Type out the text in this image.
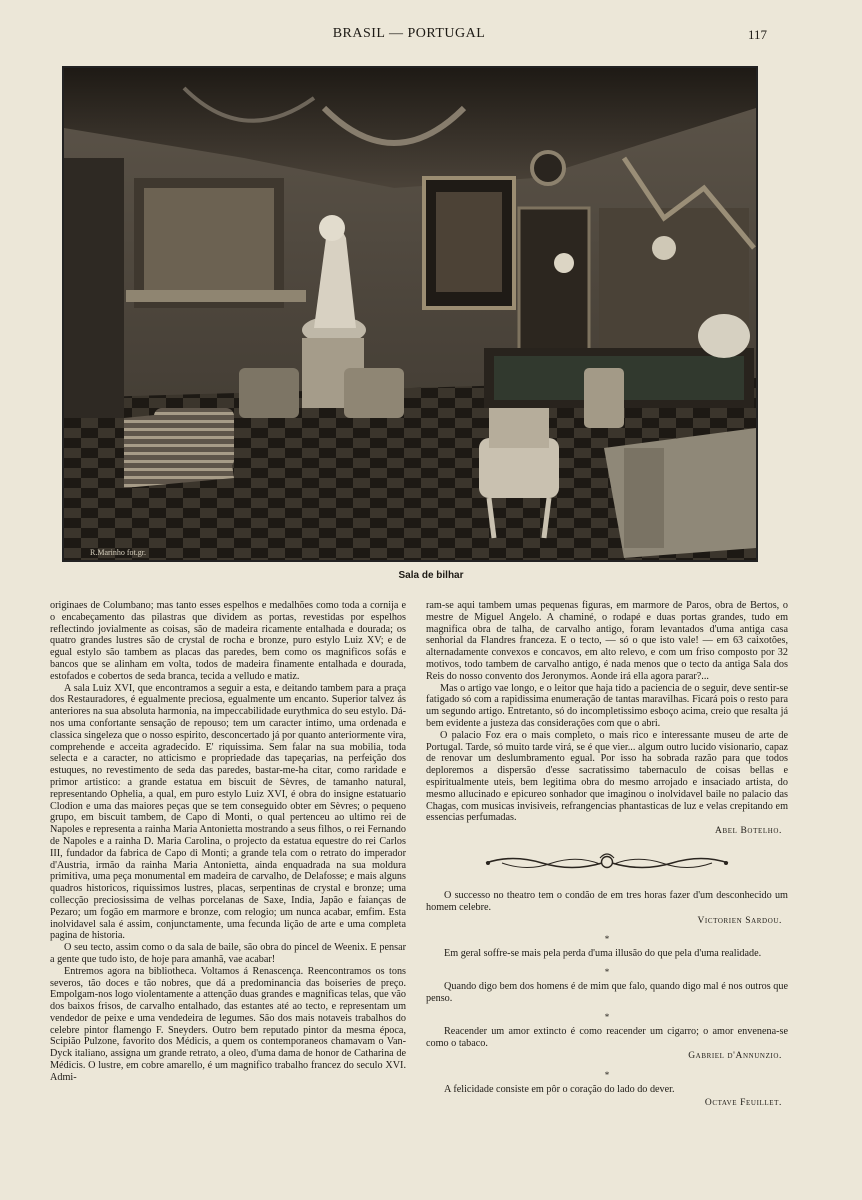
BRASIL — PORTUGAL	117
R.Marinho fot.gr.
Sala de bilhar

originaes de Columbano; mas tanto esses espelhos e medalhões como toda a cornija e o encabeçamento das pilastras que dividem as portas, revestidas por espelhos reflectindo jovialmente as coisas, são de madeira ricamente entalhada e dourada; os quatro grandes lustres são de crystal de rocha e bronze, puro estylo Luiz XV; e de egual estylo são tambem as placas das paredes, bem como os magnificos sofás e bancos que se alinham em volta, todos de madeira finamente entalhada e dourada, estofados e cobertos de seda branca, tecida a velludo e matiz.

A sala Luiz XVI, que encontramos a seguir a esta, e deitando tambem para a praça dos Restauradores, é egualmente preciosa, egualmente um encanto. Superior talvez ás anteriores na sua absoluta harmonia, na impeccabilidade eurythmica do seu estylo. Dá-nos uma confortante sensação de repouso; tem um caracter intimo, uma ordenada e classica singeleza que o nosso espirito, desconcertado já por quanto anteriormente vira, comprehende e acceita agradecido. E' riquissima. Sem falar na sua mobilia, toda selecta e a caracter, no atticismo e propriedade das tapeçarias, na perfeição dos estuques, no revestimento de seda das paredes, bastar-me-ha citar, como raridade e primor artistico: a grande estatua em biscuit de Sèvres, de tamanho natural, representando Ophelia, a qual, em puro estylo Luiz XVI, é obra do insigne estatuario Clodion e uma das maiores peças que se tem conseguido obter em Sèvres; o pequeno grupo, em biscuit tambem, de Capo di Monti, o qual pertenceu ao ultimo rei de Napoles e representa a rainha Maria Antonietta mostrando a seus filhos, o rei Fernando de Napoles e a rainha D. Maria Carolina, o projecto da estatua equestre do rei Carlos III, fundador da fabrica de Capo di Monti; a grande tela com o retrato do imperador d'Austria, irmão da rainha Maria Antonietta, ainda enquadrada na sua moldura primitiva, uma peça monumental em madeira de carvalho, de Delafosse; e mais alguns quadros historicos, riquissimos lustres, placas, serpentinas de crystal e bronze; uma collecção preciosissima de velhas porcelanas de Saxe, India, Japão e faianças de Pezaro; um fogão em marmore e bronze, com relogio; um nunca acabar, emfim. Esta inolvidavel sala é assim, conjunctamente, uma fecunda lição de arte e uma completa pagina de historia.

O seu tecto, assim como o da sala de baile, são obra do pincel de Weenix. E pensar a gente que tudo isto, de hoje para amanhã, vae acabar!

Entremos agora na bibliotheca. Voltamos á Renascença. Reencontramos os tons severos, tão doces e tão nobres, que dá a predominancia das boiseries de preço. Empolgam-nos logo violentamente a attenção duas grandes e magnificas telas, que vão dos baixos frisos, de carvalho entalhado, das estantes até ao tecto, e representam um vendedor de peixe e uma vendedeira de legumes. São dos mais notaveis trabalhos do celebre pintor flamengo F. Sneyders. Outro bem reputado pintor da mesma época, Scipião Pulzone, favorito dos Médicis, a quem os contemporaneos chamavam o Van-Dyck italiano, assigna um grande retrato, a oleo, d'uma dama de honor de Catharina de Médicis. O lustre, em cobre amarello, é um magnifico trabalho francez do seculo XVI. Admi-

ram-se aqui tambem umas pequenas figuras, em marmore de Paros, obra de Bertos, o mestre de Miguel Angelo. A chaminé, o rodapé e duas portas grandes, tudo em magnifica obra de talha, de carvalho antigo, foram levantados d'uma antiga casa senhorial da Flandres franceza. E o tecto, — só o que isto vale! — em 63 caixotões, alternadamente convexos e concavos, em alto relevo, e com um friso composto por 32 motivos, todo tambem de carvalho antigo, é nada menos que o tecto da antiga Sala dos Reis do nosso convento dos Jeronymos. Aonde irá ella agora parar?...

Mas o artigo vae longo, e o leitor que haja tido a paciencia de o seguir, deve sentir-se fatigado só com a rapidissima enumeração de tantas maravilhas. Ficará pois o resto para um segundo artigo. Entretanto, só do incompletissimo esboço acima, creio que resalta já bem evidente a justeza das considerações com que o abri.

O palacio Foz era o mais completo, o mais rico e interessante museu de arte de Portugal. Tarde, só muito tarde virá, se é que vier... algum outro lucido visionario, capaz de renovar um deslumbramento egual. Por isso ha sobrada razão para que todos deploremos a dispersão d'esse sacratissimo tabernaculo de coisas bellas e espiritualmente uteis, bem legitima obra do mesmo arrojado e insaciado artista, do mesmo allucinado e epicureo sonhador que imaginou o inolvidavel baile no palacio das Chagas, com musicas invisiveis, refrangencias phantasticas de luz e velas crepitando em essencias perfumadas.

Abel Botelho.

O successo no theatro tem o condão de em tres horas fazer d'um desconhecido um homem celebre.

Victorien Sardou.

*

Em geral soffre-se mais pela perda d'uma illusão do que pela d'uma realidade.

*

Quando digo bem dos homens é de mim que falo, quando digo mal é nos outros que penso.

*

Reacender um amor extincto é como reacender um cigarro; o amor envenena-se como o tabaco.

Gabriel d'Annunzio.

*

A felicidade consiste em pôr o coração do lado do dever.

Octave Feuillet.
